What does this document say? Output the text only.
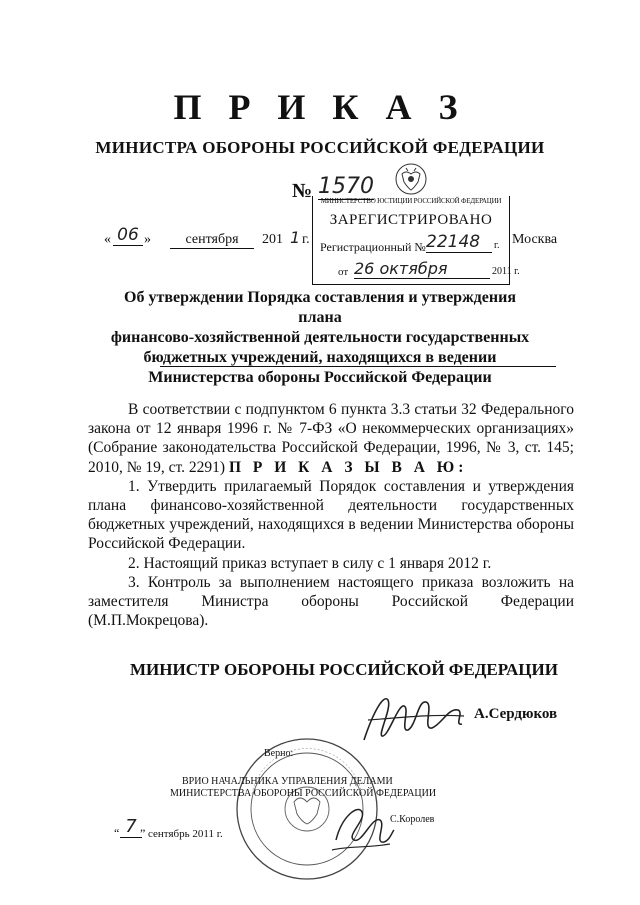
П Р И К А З
МИНИСТРА ОБОРОНЫ РОССИЙСКОЙ ФЕДЕРАЦИИ
№ 1570
МИНИСТЕРСТВО ЮСТИЦИИ РОССИЙСКОЙ ФЕДЕРАЦИИ
ЗАРЕГИСТРИРОВАНО
Регистрационный № 22148	г.
от 26 октября	2011 г.
« 06 »	сентября	201 1 г.	Москва
Об утверждении Порядка составления и утверждения плана
финансово-хозяйственной деятельности государственных
бюджетных учреждений, находящихся в ведении
Министерства обороны Российской Федерации

В соответствии с подпунктом 6 пункта 3.3 статьи 32 Федерального закона от 12 января 1996 г. № 7-ФЗ «О некоммерческих организациях» (Собрание законодательства Российской Федерации, 1996, № 3, ст. 145; 2010, № 19, ст. 2291) П Р И К А З Ы В А Ю:

1. Утвердить прилагаемый Порядок составления и утверждения плана финансово-хозяйственной деятельности государственных бюджетных учреждений, находящихся в ведении Министерства обороны Российской Федерации.

2. Настоящий приказ вступает в силу с 1 января 2012 г.

3. Контроль за выполнением настоящего приказа возложить на заместителя Министра обороны Российской Федерации (М.П.Мокрецова).

МИНИСТР ОБОРОНЫ РОССИЙСКОЙ ФЕДЕРАЦИИ
А.Сердюков
Верно:
ВРИО НАЧАЛЬНИКА УПРАВЛЕНИЯ ДЕЛАМИ
МИНИСТЕРСТВА ОБОРОНЫ РОССИЙСКОЙ ФЕДЕРАЦИИ
С.Королев
“ 7 ” сентябрь 2011 г.
